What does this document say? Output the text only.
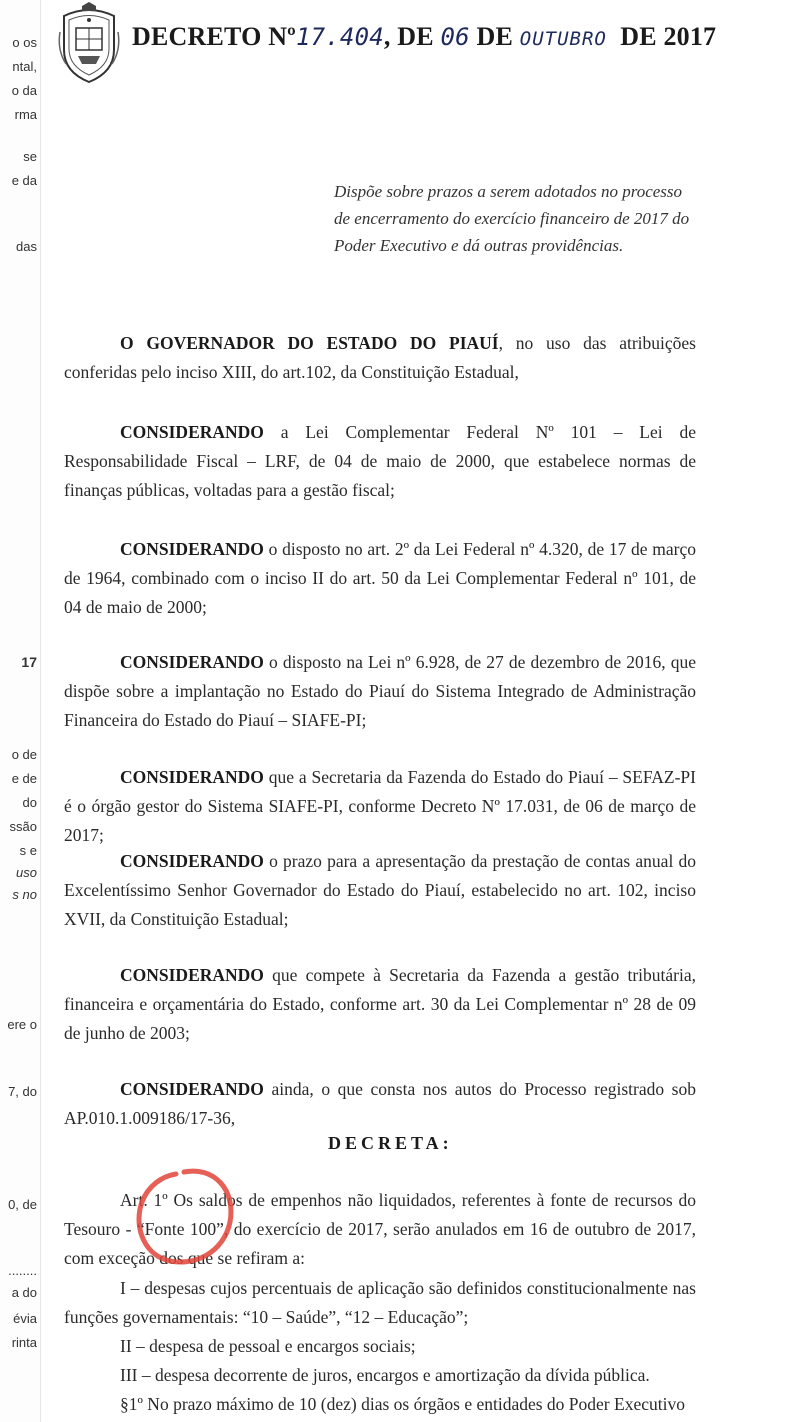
o os
ntal,
o da
rma
se
e da
das
17
o de
e de
do
ssão
s e
uso
s no
ere o
7, do
0, de
........
a do
évia
rinta
DECRETO Nº17.404, DE 06 DE OUTUBRO DE 2017
Dispõe sobre prazos a serem adotados no processo
de encerramento do exercício financeiro de 2017 do
Poder Executivo e dá outras providências.
O GOVERNADOR DO ESTADO DO PIAUÍ, no uso das atribuições conferidas pelo inciso XIII, do art.102, da Constituição Estadual,
CONSIDERANDO a Lei Complementar Federal Nº 101 – Lei de Responsabilidade Fiscal – LRF, de 04 de maio de 2000, que estabelece normas de finanças públicas, voltadas para a gestão fiscal;
CONSIDERANDO o disposto no art. 2º da Lei Federal nº 4.320, de 17 de março de 1964, combinado com o inciso II do art. 50 da Lei Complementar Federal nº 101, de 04 de maio de 2000;
CONSIDERANDO o disposto na Lei nº 6.928, de 27 de dezembro de 2016, que dispõe sobre a implantação no Estado do Piauí do Sistema Integrado de Administração Financeira do Estado do Piauí – SIAFE-PI;
CONSIDERANDO que a Secretaria da Fazenda do Estado do Piauí – SEFAZ-PI é o órgão gestor do Sistema SIAFE-PI, conforme Decreto Nº 17.031, de 06 de março de 2017;
CONSIDERANDO o prazo para a apresentação da prestação de contas anual do Excelentíssimo Senhor Governador do Estado do Piauí, estabelecido no art. 102, inciso XVII, da Constituição Estadual;
CONSIDERANDO que compete à Secretaria da Fazenda a gestão tributária, financeira e orçamentária do Estado, conforme art. 30 da Lei Complementar nº 28 de 09 de junho de 2003;
CONSIDERANDO ainda, o que consta nos autos do Processo registrado sob AP.010.1.009186/17-36,
DECRETA:
Art. 1º Os saldos de empenhos não liquidados, referentes à fonte de recursos do Tesouro - “Fonte 100”, do exercício de 2017, serão anulados em 16 de outubro de 2017, com exceção dos que se refiram a:
I – despesas cujos percentuais de aplicação são definidos constitucionalmente nas funções governamentais: “10 – Saúde”, “12 – Educação”;
II – despesa de pessoal e encargos sociais;
III – despesa decorrente de juros, encargos e amortização da dívida pública.
§1º No prazo máximo de 10 (dez) dias os órgãos e entidades do Poder Executivo
